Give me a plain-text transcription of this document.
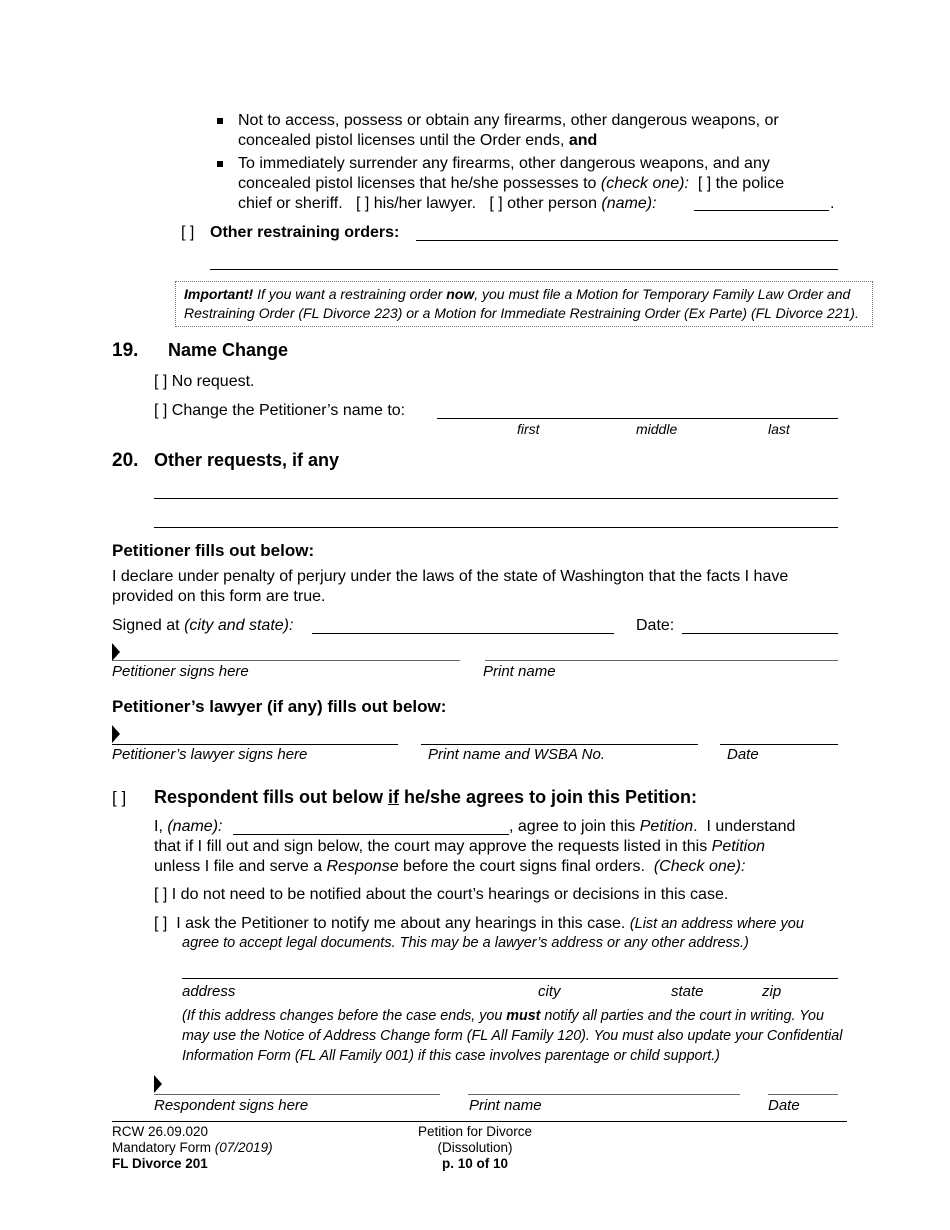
Not to access, possess or obtain any firearms, other dangerous weapons, or
concealed pistol licenses until the Order ends, and
To immediately surrender any firearms, other dangerous weapons, and any
concealed pistol licenses that he/she possesses to (check one):  [ ] the police
chief or sheriff.   [ ] his/her lawyer.   [ ] other person (name):	.
[ ] Other restraining orders:
Important! If you want a restraining order now, you must file a Motion for Temporary Family Law Order and
Restraining Order (FL Divorce 223) or a Motion for Immediate Restraining Order (Ex Parte) (FL Divorce 221).
19. Name Change
[ ] No request.
[ ] Change the Petitioner’s name to:
first	middle	last
20. Other requests, if any
Petitioner fills out below:
I declare under penalty of perjury under the laws of the state of Washington that the facts I have
provided on this form are true.
Signed at (city and state):	Date:
Petitioner signs here	Print name
Petitioner’s lawyer (if any) fills out below:
Petitioner’s lawyer signs here	Print name and WSBA No.	Date
[ ] Respondent fills out below if he/she agrees to join this Petition:
I, (name):	, agree to join this Petition.  I understand
that if I fill out and sign below, the court may approve the requests listed in this Petition
unless I file and serve a Response before the court signs final orders.  (Check one):
[ ] I do not need to be notified about the court’s hearings or decisions in this case.
[ ]  I ask the Petitioner to notify me about any hearings in this case. (List an address where you
agree to accept legal documents. This may be a lawyer’s address or any other address.)
address	city	state	zip
(If this address changes before the case ends, you must notify all parties and the court in writing. You
may use the Notice of Address Change form (FL All Family 120). You must also update your Confidential
Information Form (FL All Family 001) if this case involves parentage or child support.)
Respondent signs here	Print name	Date
RCW 26.09.020
Mandatory Form (07/2019)
FL Divorce 201
Petition for Divorce
(Dissolution)
p. 10 of 10
